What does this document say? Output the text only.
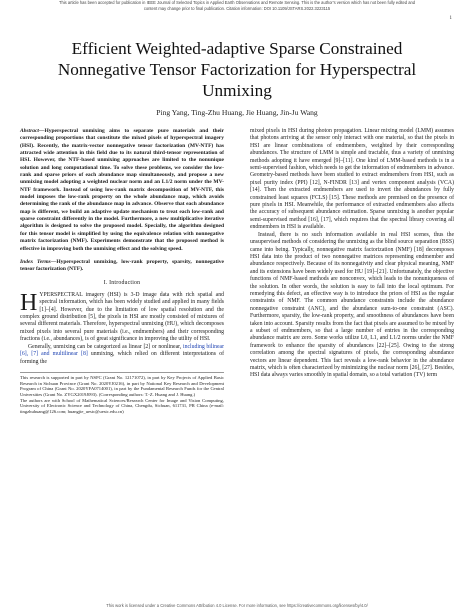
This article has been accepted for publication in IEEE Journal of Selected Topics in Applied Earth Observations and Remote Sensing. This is the author's version which has not been fully edited and
content may change prior to final publication. Citation information: DOI 10.1109/JSTARS.2022.3223115
1
Efficient Weighted-adaptive Sparse Constrained Nonnegative Tensor Factorization for Hyperspectral Unmixing
Ping Yang, Ting-Zhu Huang, Jie Huang, Jin-Ju Wang

Abstract—Hyperspectral unmixing aims to separate pure materials and their corresponding proportions that constitute the mixed pixels of hyperspectral imagery (HSI). Recently, the matrix-vector nonnegative tensor factorization (MV-NTF) has attracted wide attention in this field due to its natural third-tensor representation of HSI. However, the NTF-based unmixing approaches are limited to the nonunique solution and long computational time. To solve these problems, we consider the low-rank and sparse priors of each abundance map simultaneously, and propose a new unmixing model adopting a weighted nuclear norm and an L1/2 norm under the MV-NTF framework. Instead of using low-rank matrix decomposition of MV-NTF, this model imposes the low-rank property on the whole abundance map, which avoids determining the rank of the abundance map in advance. Observe that each abundance map is different, we build an adaptive update mechanism to treat each low-rank and sparse constraint differently in the model. Furthermore, a new multiplicative iterative algorithm is designed to solve the proposed model. Specially, the algorithm designed for this tensor model is simplified by using the equivalence relation with nonnegative matrix factorization (NMF). Experiments demonstrate that the proposed method is effective in improving both the unmixing effect and the solving speed.

Index Terms—Hyperspectral unmixing, low-rank property, sparsity, nonnegative tensor factorization (NTF).

I. Introduction

HYPERSPECTRAL imagery (HSI) is 3-D image data with rich spatial and spectral information, which has been widely studied and applied in many fields [1]–[4]. However, due to the limitation of low spatial resolution and the complex ground distribution [5], the pixels in HSI are mostly consisted of mixtures of several different materials. Therefore, hyperspectral unmixing (HU), which decomposes mixed pixels into several pure materials (i.e., endmembers) and their corresponding fractions (i.e., abundances), is of great significance in improving the utility of HSI.

Generally, unmixing can be categorized as linear [2] or nonlinear, including bilinear [6], [7] and multilinear [8] unmixing, which relied on different interpretations of forming the

This research is supported in part by NSFC (Grant No. 12171072), in part by Key Projects of Applied Basic Research in Sichuan Province (Grant No. 2020YJ0216), in part by National Key Research and Development Program of China (Grant No. 2020YFA0714001), in part by the Fundamental Research Funds for the Central Universities (Grant No. ZYGX2019J093). (Corresponding authors: T.-Z. Huang and J. Huang.)
The authors are with School of Mathematical Sciences/Research Center for Image and Vision Computing, University of Electronic Science and Technology of China, Chengdu, Sichuan, 611731, PR China (e-mail: tingzhuhuang@126.com; huangjie_uestc@uestc.edu.cn)

mixed pixels in HSI during photon propagation. Linear mixing model (LMM) assumes that photons arriving at the sensor only interact with one material, so that the pixels in HSI are linear combinations of endmembers, weighted by their corresponding abundances. The structure of LMM is simple and tractable, thus a variety of unmixing methods adopting it have emerged [9]–[11]. One kind of LMM-based methods is in a semi-supervised fashion, which needs to get the information of endmembers in advance. Geometry-based methods have been studied to extract endmembers from HSI, such as pixel purity index (PPI) [12], N-FINDR [13] and vertex component analysis (VCA) [14]. Then the extracted endmembers are used to invert the abundances by fully constrained least squares (FCLS) [15]. These methods are premised on the presence of pure pixels in HSI. Meanwhile, the performance of extracted endmembers also affects the accuracy of subsequent abundance estimation. Sparse unmixing is another popular semi-supervised method [16], [17], which requires that the spectral library covering all endmembers in HSI is available.

Instead, there is no such information available in real HSI scenes, thus the unsupervised methods of considering the unmixing as the blind source separation (BSS) came into being. Typically, nonnegative matrix factorization (NMF) [18] decomposes HSI data into the product of two nonnegative matrices representing endmember and abundance respectively. Because of its nonnegativity and clear physical meaning, NMF and its extensions have been widely used for HU [19]–[21]. Unfortunately, the objective functions of NMF-based methods are nonconvex, which leads to the nonuniqueness of the solution. In other words, the solution is easy to fall into the local optimum. For remedying this defect, an effective way is to introduce the priors of HSI as the regular constraints of NMF. The common abundance constraints include the abundance nonnegative constraint (ANC), and the abundance sum-to-one constraint (ASC). Furthermore, sparsity, the low-rank property, and smoothness of abundances have been taken into account. Sparsity results from the fact that pixels are assumed to be mixed by a subset of endmembers, so that a large number of entries in the corresponding abundance matrix are zero. Some works utilize L0, L1, and L1/2 norms under the NMF framework to enhance the sparsity of abundances [22]–[25]. Owing to the strong correlation among the spectral signatures of pixels, the corresponding abundance vectors are linear dependent. This fact reveals a low-rank behavior in the abundance matrix, which is often characterized by minimizing the nuclear norm [26], [27]. Besides, HSI data always varies smoothly in spatial domain, so a total variation (TV) term

This work is licensed under a Creative Commons Attribution 4.0 License. For more information, see https://creativecommons.org/licenses/by/4.0/
